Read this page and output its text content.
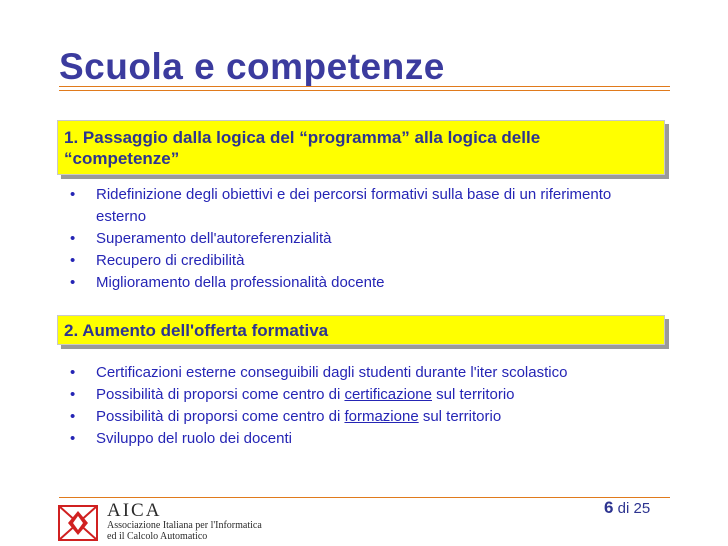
Scuola e competenze
1. Passaggio dalla logica del “programma” alla logica delle “competenze”
• Ridefinizione degli obiettivi e dei percorsi formativi sulla base di un riferimento esterno
• Superamento dell'autoreferenzialità
• Recupero di credibilità
• Miglioramento della professionalità docente
2. Aumento dell'offerta formativa
• Certificazioni esterne conseguibili dagli studenti durante l'iter scolastico
• Possibilità di proporsi come centro di certificazione sul territorio
• Possibilità di proporsi come centro di formazione sul territorio
• Sviluppo del ruolo dei docenti
6 di 25
AICA
Associazione Italiana per l'Informatica
ed il Calcolo Automatico
